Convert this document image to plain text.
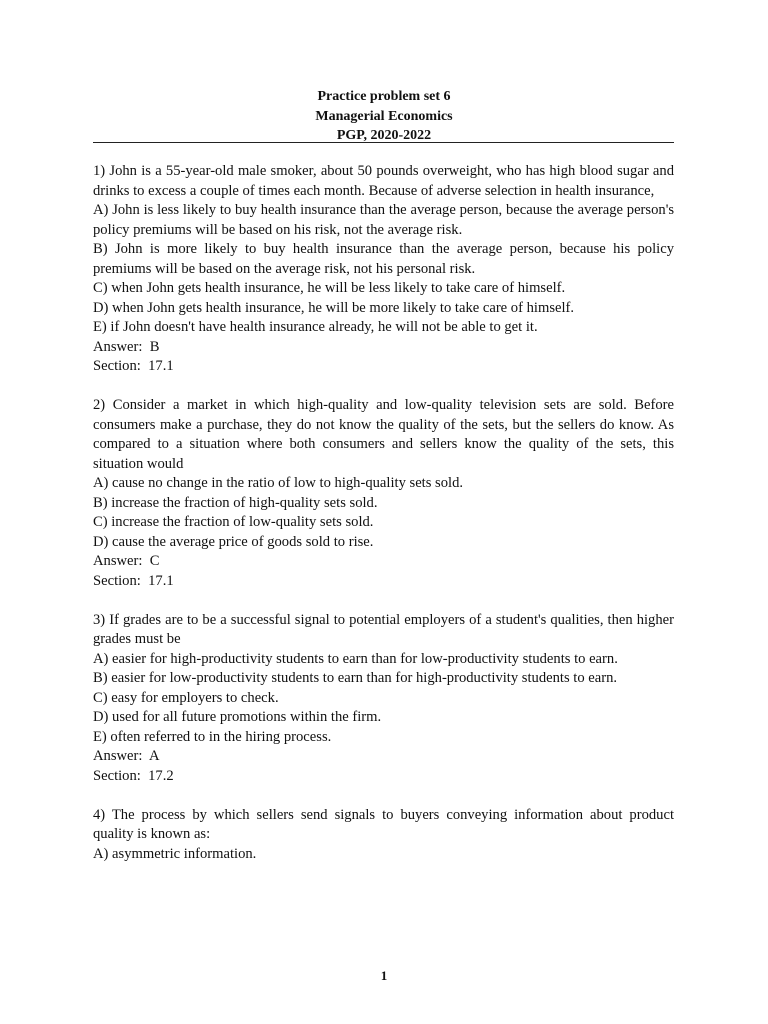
Practice problem set 6
Managerial Economics
PGP, 2020-2022

1) John is a 55-year-old male smoker, about 50 pounds overweight, who has high blood sugar and drinks to excess a couple of times each month. Because of adverse selection in health insurance,

A) John is less likely to buy health insurance than the average person, because the average person's policy premiums will be based on his risk, not the average risk.

B) John is more likely to buy health insurance than the average person, because his policy premiums will be based on the average risk, not his personal risk.

C) when John gets health insurance, he will be less likely to take care of himself.

D) when John gets health insurance, he will be more likely to take care of himself.

E) if John doesn't have health insurance already, he will not be able to get it.

Answer:  B

Section:  17.1

2) Consider a market in which high-quality and low-quality television sets are sold. Before consumers make a purchase, they do not know the quality of the sets, but the sellers do know. As compared to a situation where both consumers and sellers know the quality of the sets, this situation would

A) cause no change in the ratio of low to high-quality sets sold.

B) increase the fraction of high-quality sets sold.

C) increase the fraction of low-quality sets sold.

D) cause the average price of goods sold to rise.

Answer:  C

Section:  17.1

3) If grades are to be a successful signal to potential employers of a student's qualities, then higher grades must be

A) easier for high-productivity students to earn than for low-productivity students to earn.

B) easier for low-productivity students to earn than for high-productivity students to earn.

C) easy for employers to check.

D) used for all future promotions within the firm.

E) often referred to in the hiring process.

Answer:  A

Section:  17.2

4) The process by which sellers send signals to buyers conveying information about product quality is known as:

A) asymmetric information.

1
